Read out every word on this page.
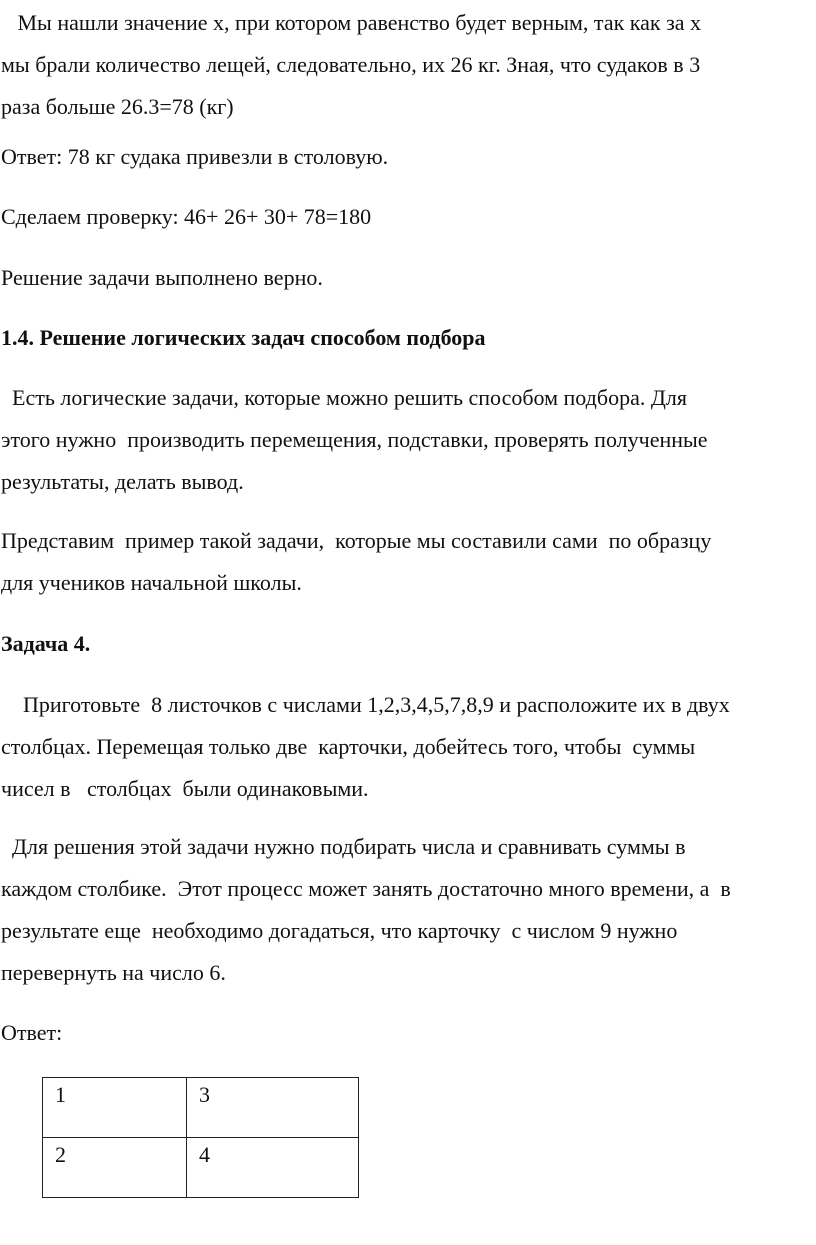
Мы нашли значение х, при котором равенство будет верным, так как за х
мы брали количество лещей, следовательно, их 26 кг. Зная, что судаков в 3
раза больше 26.3=78 (кг)

Ответ: 78 кг судака привезли в столовую.

Сделаем проверку: 46+ 26+ 30+ 78=180

Решение задачи выполнено верно.

1.4. Решение логических задач способом подбора

Есть логические задачи, которые можно решить способом подбора. Для
этого нужно  производить перемещения, подставки, проверять полученные
результаты, делать вывод.

Представим  пример такой задачи,  которые мы составили сами  по образцу
для учеников начальной школы.

Задача 4.

Приготовьте  8 листочков с числами 1,2,3,4,5,7,8,9 и расположите их в двух
столбцах. Перемещая только две  карточки, добейтесь того, чтобы  суммы
чисел в   столбцах  были одинаковыми.

Для решения этой задачи нужно подбирать числа и сравнивать суммы в
каждом столбике.  Этот процесс может занять достаточно много времени, а  в
результате еще  необходимо догадаться, что карточку  с числом 9 нужно
перевернуть на число 6.

Ответ:

1	3
2	4
